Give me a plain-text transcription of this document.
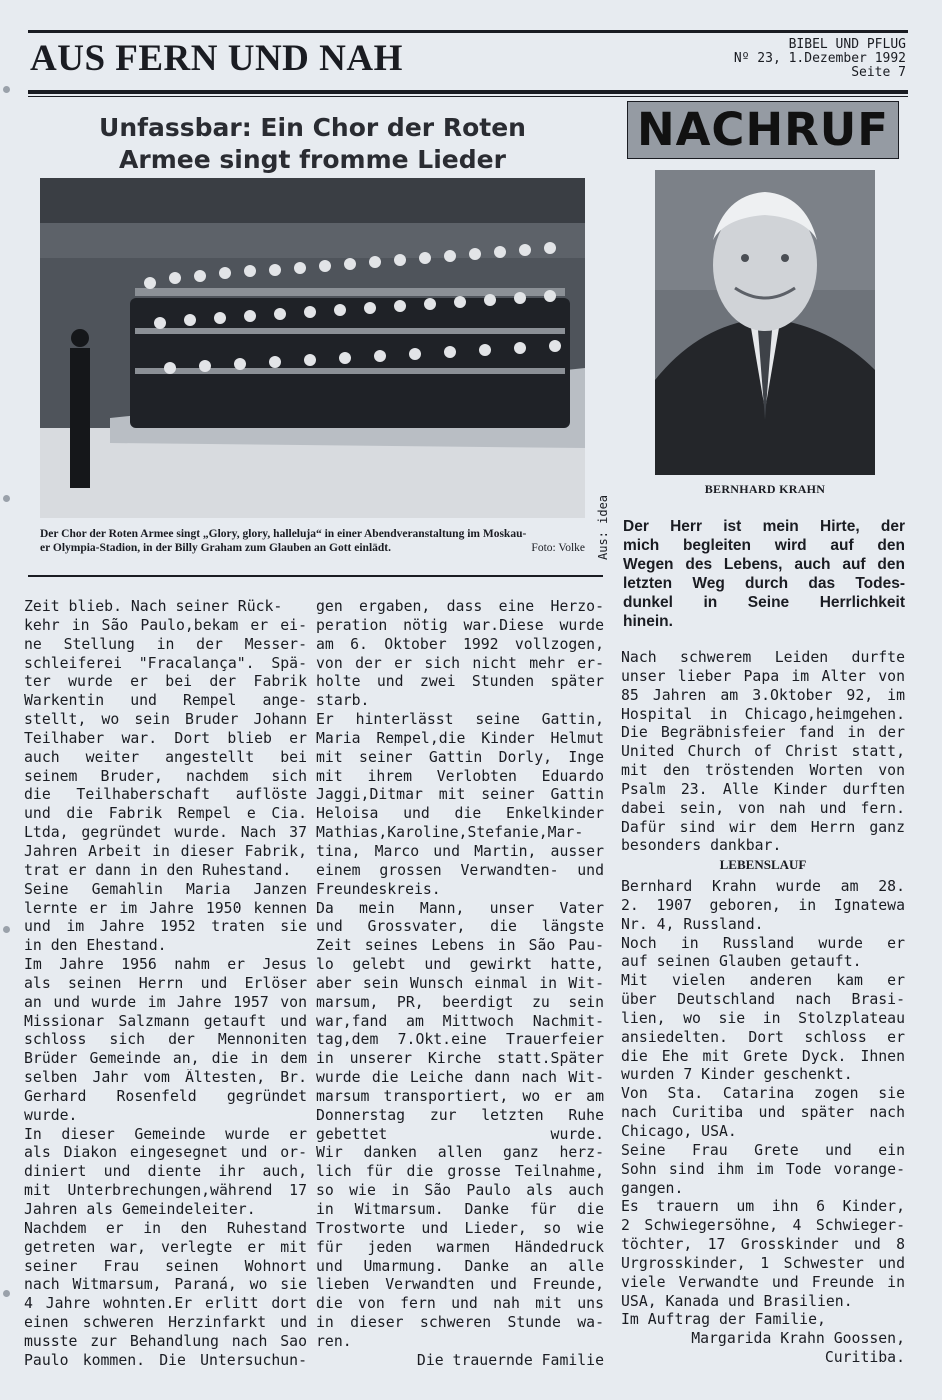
AUS FERN UND NAH	BIBEL UND PFLUG
Nº 23, 1.Dezember 1992
Seite 7
Unfassbar: Ein Chor der Roten
Armee singt fromme Lieder
Der Chor der Roten Armee singt „Glory, glory, halleluja“ in einer Abendveranstaltung im Moskau-
er Olympia-Stadion, in der Billy Graham zum Glauben an Gott einlädt.	Foto: Volke Aus: idea
Zeit blieb. Nach seiner Rück-
kehr in São Paulo,bekam er ei-
ne Stellung in der Messer-
schleiferei "Fracalança". Spä-
ter wurde er bei der Fabrik
Warkentin und Rempel ange-
stellt, wo sein Bruder Johann
Teilhaber war. Dort blieb er
auch weiter angestellt bei
seinem Bruder, nachdem sich
die Teilhaberschaft auflöste
und die Fabrik Rempel e Cia.
Ltda, gegründet wurde. Nach 37
Jahren Arbeit in dieser Fabrik,
trat er dann in den Ruhestand.
Seine Gemahlin Maria Janzen
lernte er im Jahre 1950 kennen
und im Jahre 1952 traten sie
in den Ehestand.
Im Jahre 1956 nahm er Jesus
als seinen Herrn und Erlöser
an und wurde im Jahre 1957 von
Missionar Salzmann getauft und
schloss sich der Mennoniten
Brüder Gemeinde an, die in dem
selben Jahr vom Ältesten, Br.
Gerhard Rosenfeld gegründet
wurde.
In dieser Gemeinde wurde er
als Diakon eingesegnet und or-
diniert und diente ihr auch,
mit Unterbrechungen,während 17
Jahren als Gemeindeleiter.
Nachdem er in den Ruhestand
getreten war, verlegte er mit
seiner Frau seinen Wohnort
nach Witmarsum, Paraná, wo sie
4 Jahre wohnten.Er erlitt dort
einen schweren Herzinfarkt und
musste zur Behandlung nach Sao
Paulo kommen. Die Untersuchun-
gen ergaben, dass eine Herzo-
peration nötig war.Diese wurde
am 6. Oktober 1992 vollzogen,
von der er sich nicht mehr er-
holte und zwei Stunden später
starb.
Er hinterlässt seine Gattin,
Maria Rempel,die Kinder Helmut
mit seiner Gattin Dorly, Inge
mit ihrem Verlobten Eduardo
Jaggi,Ditmar mit seiner Gattin
Heloisa und die Enkelkinder
Mathias,Karoline,Stefanie,Mar-
tina, Marco und Martin, ausser
einem grossen Verwandten- und
Freundeskreis.
Da mein Mann, unser Vater
und Grossvater, die längste
Zeit seines Lebens in São Pau-
lo gelebt und gewirkt hatte,
aber sein Wunsch einmal in Wit-
marsum, PR, beerdigt zu sein
war,fand am Mittwoch Nachmit-
tag,dem 7.Okt.eine Trauerfeier
in unserer Kirche statt.Später
wurde die Leiche dann nach Wit-
marsum transportiert, wo er am
Donnerstag zur letzten Ruhe
gebettet wurde.
Wir danken allen ganz herz-
lich für die grosse Teilnahme,
so wie in São Paulo als auch
in Witmarsum. Danke für die
Trostworte und Lieder, so wie
für jeden warmen Händedruck
und Umarmung. Danke an alle
lieben Verwandten und Freunde,
die von fern und nah mit uns
in dieser schweren Stunde wa-
ren.
Die trauernde Familie
NACHRUF
BERNHARD KRAHN
Der Herr ist mein Hirte, der
mich begleiten wird auf den
Wegen des Lebens, auch auf den
letzten Weg durch das Todes-
dunkel in Seine Herrlichkeit
hinein.
Nach schwerem Leiden durfte
unser lieber Papa im Alter von
85 Jahren am 3.Oktober 92, im
Hospital in Chicago,heimgehen.
Die Begräbnisfeier fand in der
United Church of Christ statt,
mit den tröstenden Worten von
Psalm 23. Alle Kinder durften
dabei sein, von nah und fern.
Dafür sind wir dem Herrn ganz
besonders dankbar.
LEBENSLAUF
Bernhard Krahn wurde am 28.
2. 1907 geboren, in Ignatewa
Nr. 4, Russland.
Noch in Russland wurde er
auf seinen Glauben getauft.
Mit vielen anderen kam er
über Deutschland nach Brasi-
lien, wo sie in Stolzplateau
ansiedelten. Dort schloss er
die Ehe mit Grete Dyck. Ihnen
wurden 7 Kinder geschenkt.
Von Sta. Catarina zogen sie
nach Curitiba und später nach
Chicago, USA.
Seine Frau Grete und ein
Sohn sind ihm im Tode vorange-
gangen.
Es trauern um ihn 6 Kinder,
2 Schwiegersöhne, 4 Schwieger-
töchter, 17 Grosskinder und 8
Urgrosskinder, 1 Schwester und
viele Verwandte und Freunde in
USA, Kanada und Brasilien.
Im Auftrag der Familie,
Margarida Krahn Goossen,
Curitiba.
